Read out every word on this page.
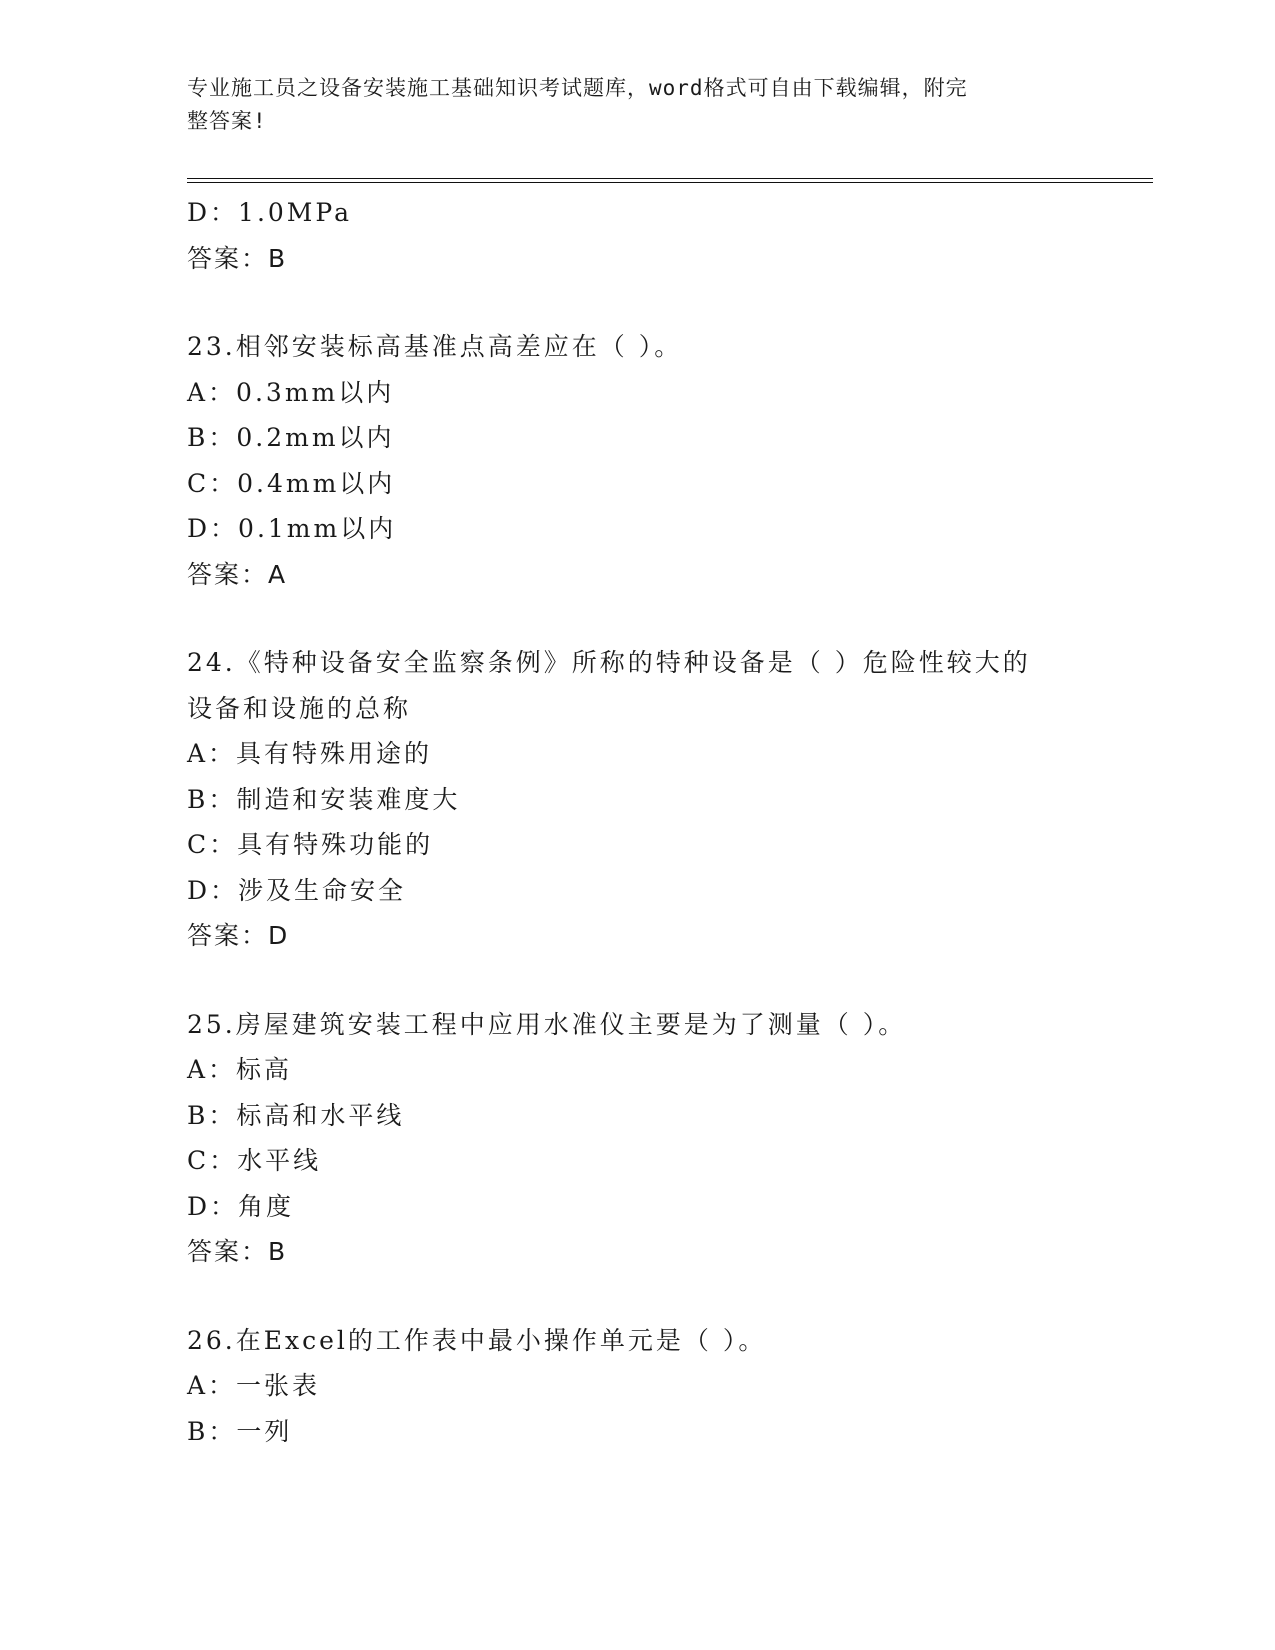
专业施工员之设备安装施工基础知识考试题库，word格式可自由下载编辑，附完
整答案!
D：1.0MPa
答案：B
23.相邻安装标高基准点高差应在（ ）。
A：0.3mm以内
B：0.2mm以内
C：0.4mm以内
D：0.1mm以内
答案：A
24.《特种设备安全监察条例》所称的特种设备是（ ）危险性较大的
设备和设施的总称
A：具有特殊用途的
B：制造和安装难度大
C：具有特殊功能的
D：涉及生命安全
答案：D
25.房屋建筑安装工程中应用水准仪主要是为了测量（ ）。
A：标高
B：标高和水平线
C：水平线
D：角度
答案：B
26.在Excel的工作表中最小操作单元是（ ）。
A：一张表
B：一列
